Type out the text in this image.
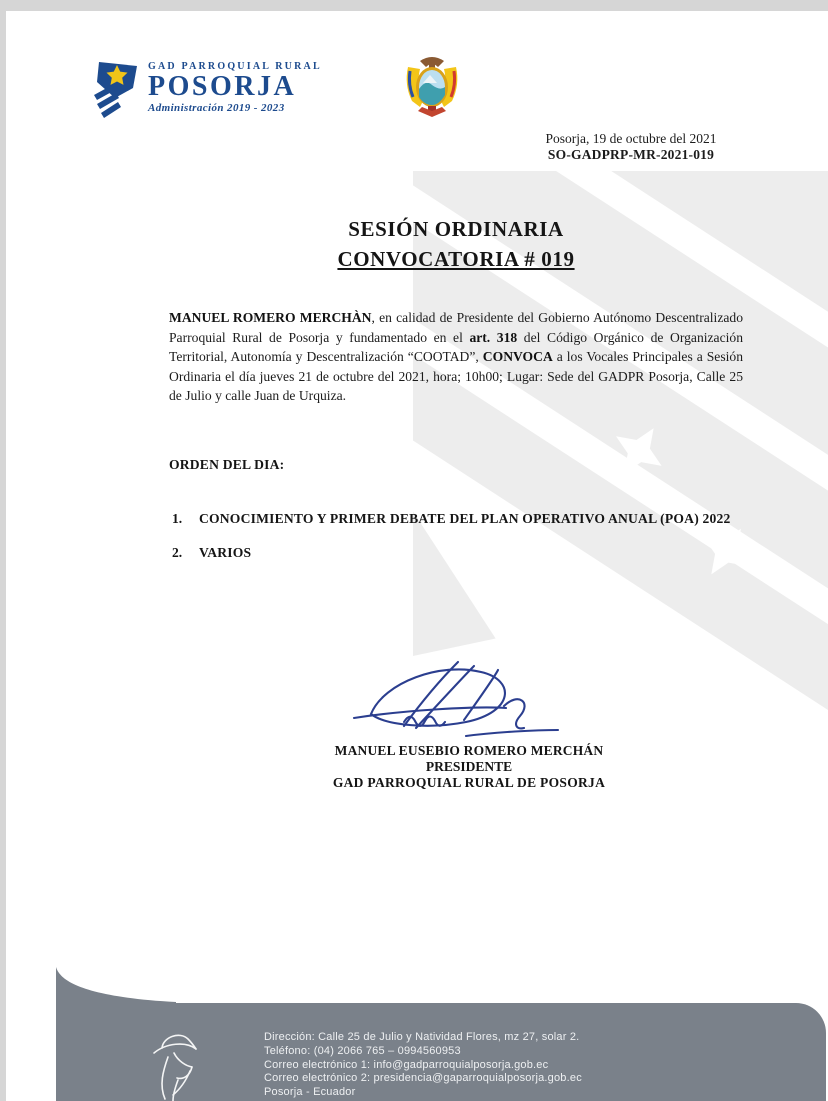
GAD PARROQUIAL RURAL
POSORJA
Administración 2019 - 2023
Posorja, 19 de octubre del 2021
SO-GADPRP-MR-2021-019
SESIÓN ORDINARIA
CONVOCATORIA # 019

MANUEL ROMERO MERCHÀN, en calidad de Presidente del Gobierno Autónomo Descentralizado Parroquial Rural de Posorja y fundamentado en el art. 318 del Código Orgánico de Organización Territorial, Autonomía y Descentralización “COOTAD”, CONVOCA a los Vocales Principales a Sesión Ordinaria el día jueves 21 de octubre del 2021, hora; 10h00; Lugar: Sede del GADPR Posorja, Calle 25 de Julio y calle Juan de Urquiza.

ORDEN DEL DIA:
1.	CONOCIMIENTO Y PRIMER DEBATE DEL PLAN OPERATIVO ANUAL (POA) 2022
2.	VARIOS
MANUEL EUSEBIO ROMERO MERCHÁN
PRESIDENTE
GAD PARROQUIAL RURAL DE POSORJA
Dirección: Calle 25 de Julio y Natividad Flores, mz 27, solar 2.
Teléfono: (04) 2066 765 – 0994560953
Correo electrónico 1: info@gadparroquialposorja.gob.ec
Correo electrónico 2: presidencia@gaparroquialposorja.gob.ec
Posorja - Ecuador
